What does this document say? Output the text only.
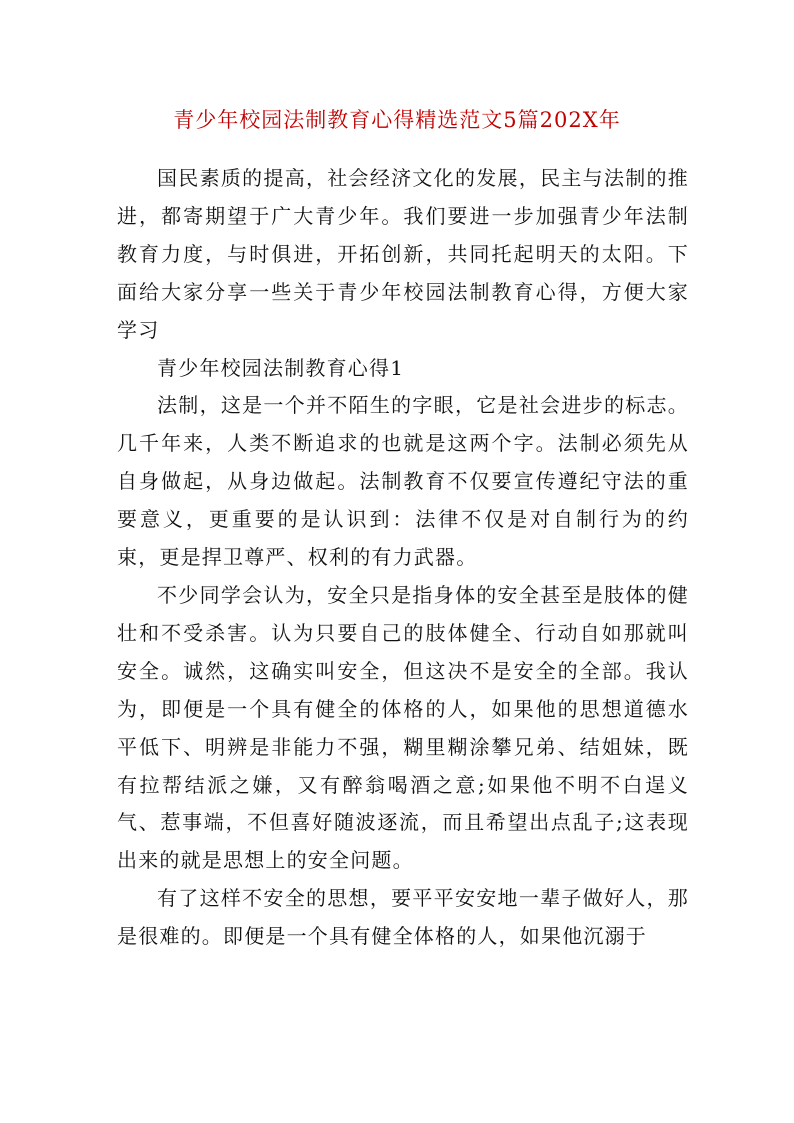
青少年校园法制教育心得精选范文5篇202X年

国民素质的提高，社会经济文化的发展，民主与法制的推进，都寄期望于广大青少年。我们要进一步加强青少年法制教育力度，与时俱进，开拓创新，共同托起明天的太阳。下面给大家分享一些关于青少年校园法制教育心得，方便大家学习

青少年校园法制教育心得1

法制，这是一个并不陌生的字眼，它是社会进步的标志。几千年来，人类不断追求的也就是这两个字。法制必须先从自身做起，从身边做起。法制教育不仅要宣传遵纪守法的重要意义，更重要的是认识到：法律不仅是对自制行为的约束，更是捍卫尊严、权利的有力武器。

不少同学会认为，安全只是指身体的安全甚至是肢体的健壮和不受杀害。认为只要自己的肢体健全、行动自如那就叫安全。诚然，这确实叫安全，但这决不是安全的全部。我认为，即便是一个具有健全的体格的人，如果他的思想道德水平低下、明辨是非能力不强，糊里糊涂攀兄弟、结姐妹，既有拉帮结派之嫌，又有醉翁喝酒之意;如果他不明不白逞义气、惹事端，不但喜好随波逐流，而且希望出点乱子;这表现出来的就是思想上的安全问题。

有了这样不安全的思想，要平平安安地一辈子做好人，那是很难的。即便是一个具有健全体格的人，如果他沉溺于
